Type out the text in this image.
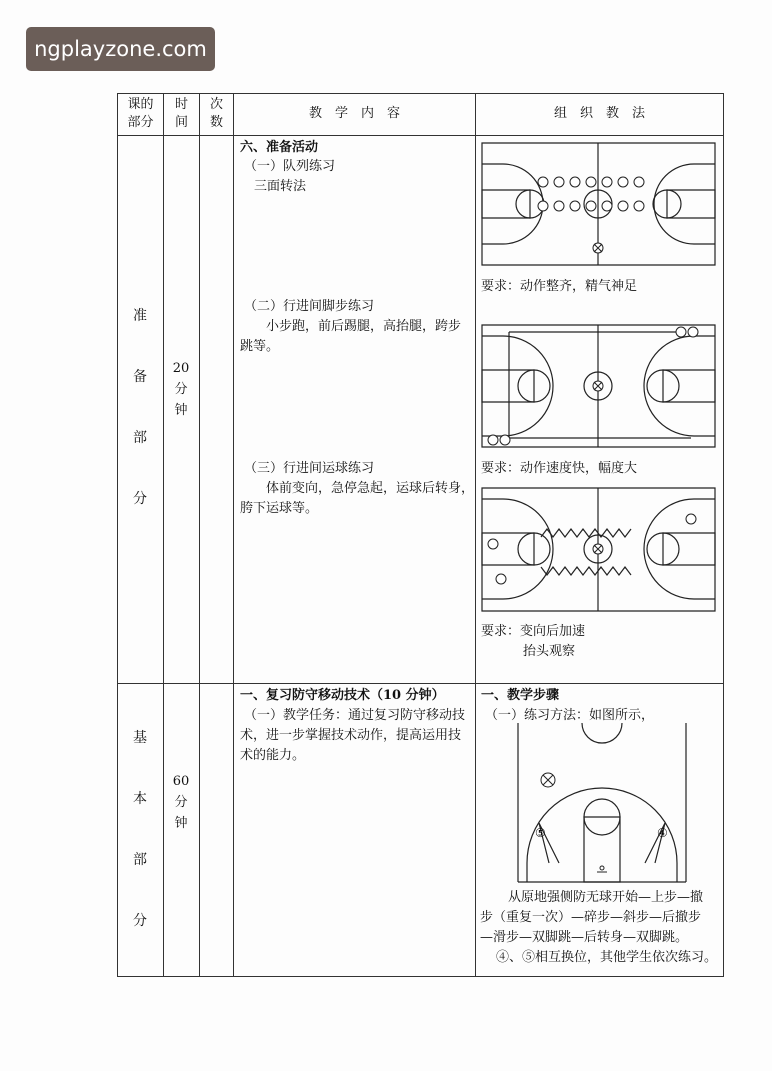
ngplayzone.com
课的
部分
时
间
次
数
教　学　内　容	组　织　教　法
准
备
部
分
20
分
钟
六、准备活动
（一）队列练习
三面转法
（二）行进间脚步练习
小步跑，前后踢腿，高抬腿，跨步
跳等。
（三）行进间运球练习
体前变向，急停急起，运球后转身，
胯下运球等。
要求：动作整齐，精气神足
要求：动作速度快，幅度大
要求：变向后加速
抬头观察
基
本
部
分
60
分
钟
一、复习防守移动技术（10 分钟）
（一）教学任务：通过复习防守移动技
术，进一步掌握技术动作，提高运用技
术的能力。
一、教学步骤
（一）练习方法：如图所示，
从原地强侧防无球开始—上步—撤
步（重复一次）—碎步—斜步—后撤步
—滑步—双脚跳—后转身—双脚跳。
④、⑤相互换位，其他学生依次练习。
⑤	④
